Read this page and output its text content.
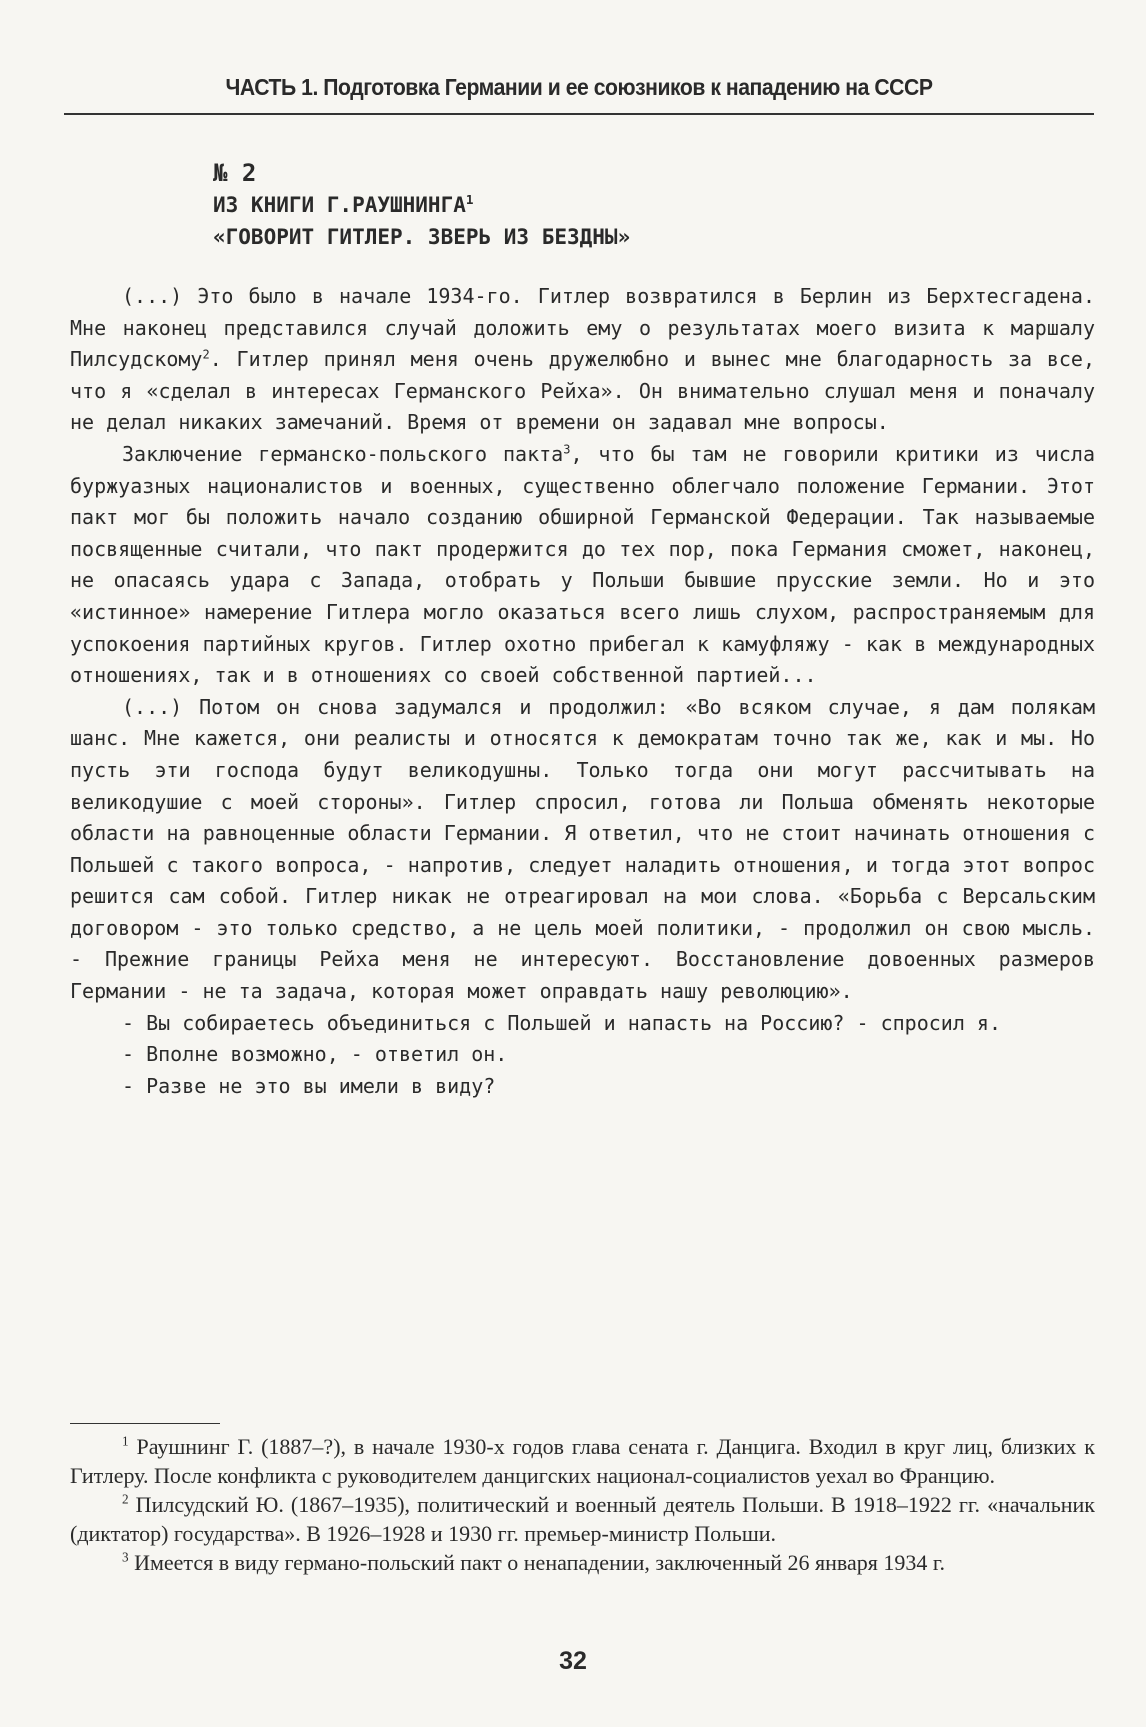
ЧАСТЬ 1. Подготовка Германии и ее союзников к нападению на СССР
№ 2
ИЗ КНИГИ Г.РАУШНИНГА$^1$
«ГОВОРИТ ГИТЛЕР. ЗВЕРЬ ИЗ БЕЗДНЫ»

(...) Это было в начале 1934-го. Гитлер возвратился в Берлин из Берхтесгадена. Мне наконец представился случай доложить ему о результатах моего визита к маршалу Пилсудскому$^2$. Гитлер принял меня очень дружелюбно и вынес мне благодарность за все, что я «сделал в интересах Германского Рейха». Он внимательно слушал меня и поначалу не делал никаких замечаний. Время от времени он задавал мне вопросы.

Заключение германско-польского пакта$^3$, что бы там не говорили критики из числа буржуазных националистов и военных, существенно облегчало положение Германии. Этот пакт мог бы положить начало созданию обширной Германской Федерации. Так называемые посвященные считали, что пакт продержится до тех пор, пока Германия сможет, наконец, не опасаясь удара с Запада, отобрать у Польши бывшие прусские земли. Но и это «истинное» намерение Гитлера могло оказаться всего лишь слухом, распространяемым для успокоения партийных кругов. Гитлер охотно прибегал к камуфляжу - как в международных отношениях, так и в отношениях со своей собственной партией...

(...) Потом он снова задумался и продолжил: «Во всяком случае, я дам полякам шанс. Мне кажется, они реалисты и относятся к демократам точно так же, как и мы. Но пусть эти господа будут великодушны. Только тогда они могут рассчитывать на великодушие с моей стороны». Гитлер спросил, готова ли Польша обменять некоторые области на равноценные области Германии. Я ответил, что не стоит начинать отношения с Польшей с такого вопроса, - напротив, следует наладить отношения, и тогда этот вопрос решится сам собой. Гитлер никак не отреагировал на мои слова. «Борьба с Версальским договором - это только средство, а не цель моей политики, - продолжил он свою мысль. - Прежние границы Рейха меня не интересуют. Восстановление довоенных размеров Германии - не та задача, которая может оправдать нашу революцию».

- Вы собираетесь объединиться с Польшей и напасть на Россию? - спросил я.

- Вполне возможно, - ответил он.

- Разве не это вы имели в виду?

$^1$ Раушнинг Г. (1887–?), в начале 1930-х годов глава сената г. Данцига. Входил в круг лиц, близких к Гитлеру. После конфликта с руководителем данцигских национал-социалистов уехал во Францию.

$^2$ Пилсудский Ю. (1867–1935), политический и военный деятель Польши. В 1918–1922 гг. «начальник (диктатор) государства». В 1926–1928 и 1930 гг. премьер-министр Польши.

$^3$ Имеется в виду германо-польский пакт о ненападении, заключенный 26 января 1934 г.

32
